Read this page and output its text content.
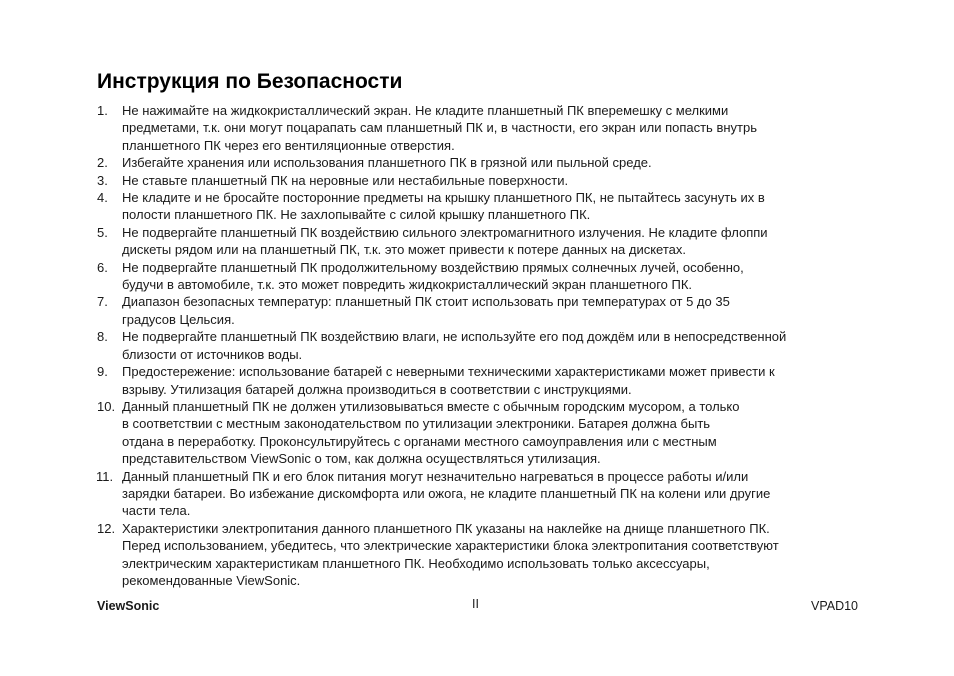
Инструкция по Безопасности
1. Не нажимайте на жидкокристаллический экран. Не кладите планшетный ПК вперемешку с мелкими
предметами, т.к. они могут поцарапать сам планшетный ПК и, в частности, его экран или попасть внутрь
планшетного ПК через его вентиляционные отверстия.
2. Избегайте хранения или использования планшетного ПК в грязной или пыльной среде.
3. Не ставьте планшетный ПК на неровные или нестабильные поверхности.
4. Не кладите и не бросайте посторонние предметы на крышку планшетного ПК, не пытайтесь засунуть их в
полости планшетного ПК. Не захлопывайте с силой крышку планшетного ПК.
5. Не подвергайте планшетный ПК воздействию сильного электромагнитного излучения. Не кладите флоппи
дискеты рядом или на планшетный ПК, т.к. это может привести к потере данных на дискетах.
6. Не подвергайте планшетный ПК продолжительному воздействию прямых солнечных лучей, особенно,
будучи в автомобиле, т.к. это может повредить жидкокристаллический экран планшетного ПК.
7. Диапазон безопасных температур: планшетный ПК стоит использовать при температурах от 5 до 35
градусов Цельсия.
8. Не подвергайте планшетный ПК воздействию влаги, не используйте его под дождём или в непосредственной
близости от источников воды.
9. Предостережение: использование батарей с неверными техническими характеристиками может привести к
взрыву. Утилизация батарей должна производиться в соответствии с инструкциями.
10. Данный планшетный ПК не должен утилизовываться вместе с обычным городским мусором, а только
в соответствии с местным законодательством по утилизации электроники. Батарея должна быть
отдана в переработку. Проконсультируйтесь с органами местного самоуправления или с местным
представительством ViewSonic о том, как должна осуществляться утилизация.
11. Данный планшетный ПК и его блок питания могут незначительно нагреваться в процессе работы и/или
зарядки батареи. Во избежание дискомфорта или ожога, не кладите планшетный ПК на колени или другие
части тела.
12. Характеристики электропитания данного планшетного ПК указаны на наклейке на днище планшетного ПК.
Перед использованием, убедитесь, что электрические характеристики блока электропитания соответствуют
электрическим характеристикам планшетного ПК. Необходимо использовать только аксессуары,
рекомендованные ViewSonic.
ViewSonic	II	VPAD10
